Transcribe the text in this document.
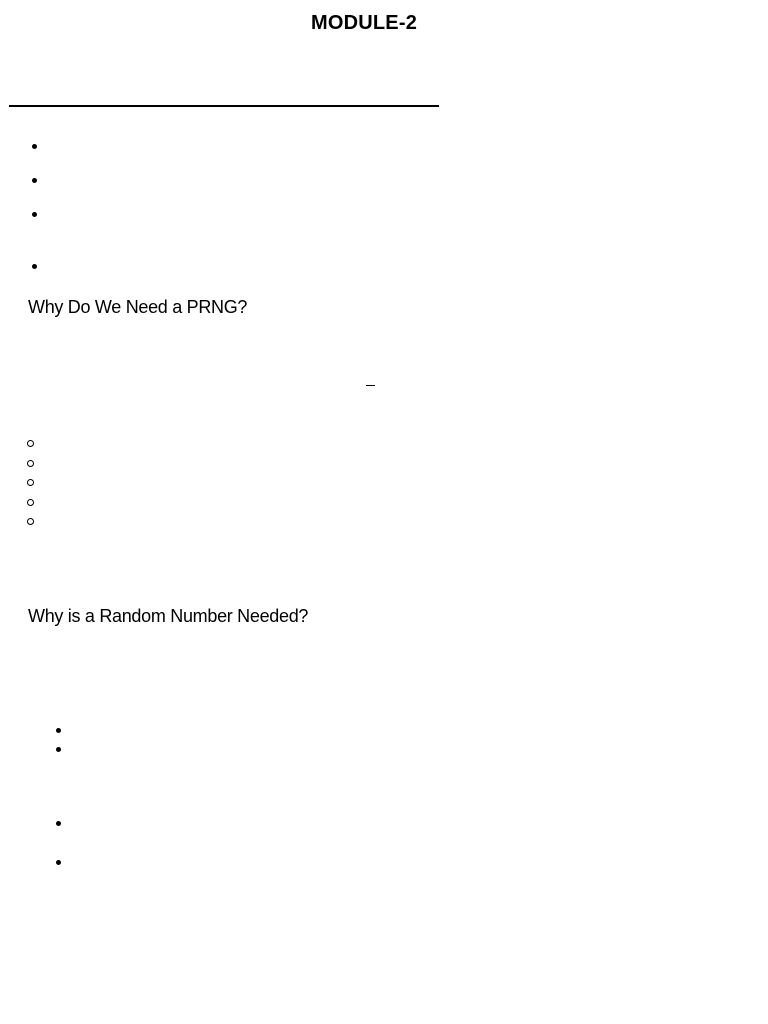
MODULE-2
Why Do We Need a PRNG?
Why is a Random Number Needed?
